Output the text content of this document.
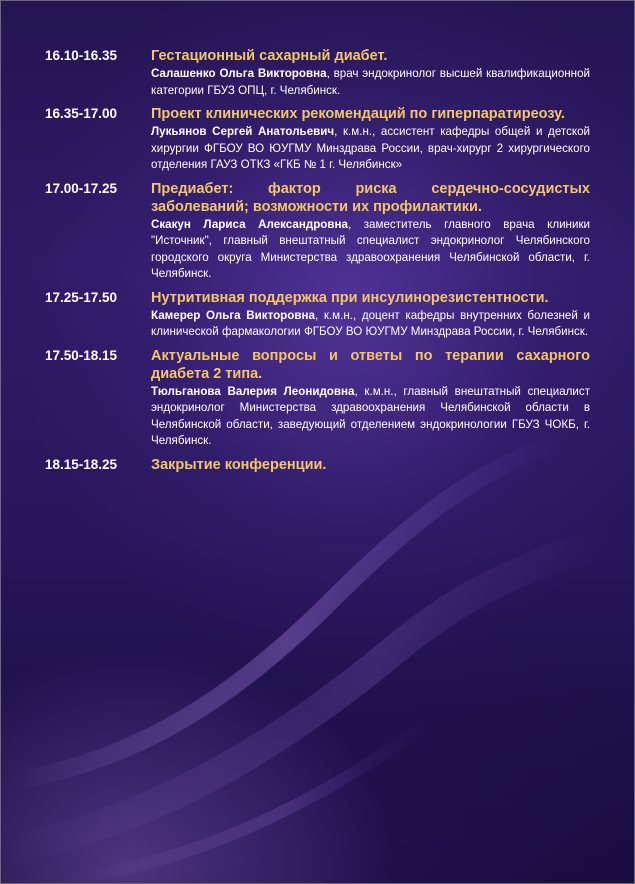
16.10-16.35	Гестационный сахарный диабет.
Салашенко Ольга Викторовна, врач эндокринолог высшей квалификационной категории ГБУЗ ОПЦ, г. Челябинск.
16.35-17.00	Проект клинических рекомендаций по гиперпаратиреозу.
Лукьянов Сергей Анатольевич, к.м.н., ассистент кафедры общей и детской хирургии ФГБОУ ВО ЮУГМУ Минздрава России, врач-хирург 2 хирургического отделения ГАУЗ ОТКЗ «ГКБ № 1 г. Челябинск»
17.00-17.25	Предиабет: фактор риска сердечно-сосудистых заболеваний; возможности их профилактики.
Скакун Лариса Александровна, заместитель главного врача клиники "Источник", главный внештатный специалист эндокринолог Челябинского городского округа Министерства здравоохранения Челябинской области, г. Челябинск.
17.25-17.50	Нутритивная поддержка при инсулинорезистентности.
Камерер Ольга Викторовна, к.м.н., доцент кафедры внутренних болезней и клинической фармакологии ФГБОУ ВО ЮУГМУ Минздрава России, г. Челябинск.
17.50-18.15	Актуальные вопросы и ответы по терапии сахарного диабета 2 типа.
Тюльганова Валерия Леонидовна, к.м.н., главный внештатный специалист эндокринолог Министерства здравоохранения Челябинской области в Челябинской области, заведующий отделением эндокринологии ГБУЗ ЧОКБ, г. Челябинск.
18.15-18.25	Закрытие конференции.
